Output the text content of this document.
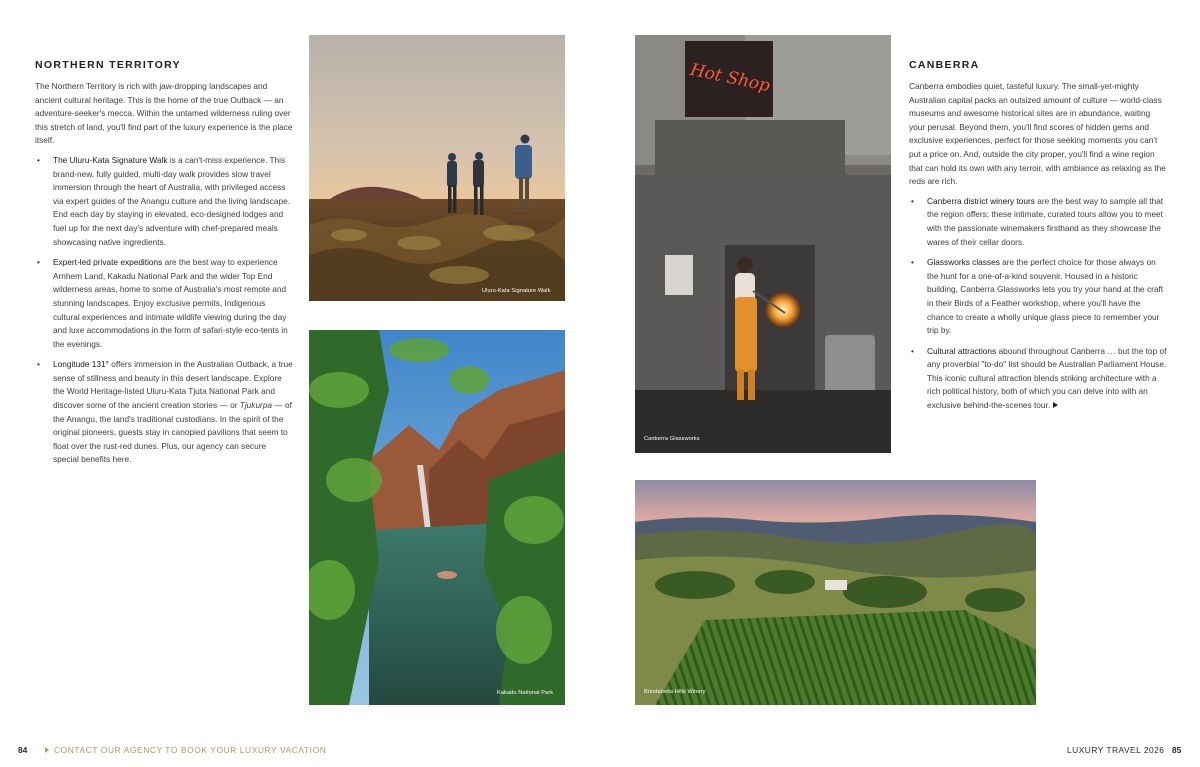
NORTHERN TERRITORY

The Northern Territory is rich with jaw-dropping landscapes and ancient cultural heritage. This is the home of the true Outback — an adventure-seeker's mecca. Within the untamed wilderness ruling over this stretch of land, you'll find part of the luxury experience is the place itself.

• The Uluru-Kata Signature Walk is a can't-miss experience. This brand-new, fully guided, multi-day walk provides slow travel immersion through the heart of Australia, with privileged access via expert guides of the Anangu culture and the living landscape. End each day by staying in elevated, eco-designed lodges and fuel up for the next day's adventure with chef-prepared meals showcasing native ingredients.
• Expert-led private expeditions are the best way to experience Arnhem Land, Kakadu National Park and the wider Top End wilderness areas, home to some of Australia's most remote and stunning landscapes. Enjoy exclusive permits, Indigenous cultural experiences and intimate wildlife viewing during the day and luxe accommodations in the form of safari-style eco-tents in the evenings.
• Longitude 131° offers immersion in the Australian Outback, a true sense of stillness and beauty in this desert landscape. Explore the World Heritage-listed Uluru-Kata Tjuta National Park and discover some of the ancient creation stories — or Tjukurpa — of the Anangu, the land's traditional custodians. In the spirit of the original pioneers, guests stay in canopied pavilions that seem to float over the rust-red dunes. Plus, our agency can secure special benefits here.
Uluru-Kata Signature Walk
Kakadu National Park
Hot Shop
Canberra Glassworks
Brindabella Hills Winery
CANBERRA

Canberra embodies quiet, tasteful luxury. The small-yet-mighty Australian capital packs an outsized amount of culture — world-class museums and awesome historical sites are in abundance, waiting your perusal. Beyond them, you'll find scores of hidden gems and exclusive experiences, perfect for those seeking moments you can't put a price on. And, outside the city proper, you'll find a wine region that can hold its own with any terroir, with ambiance as relaxing as the reds are rich.

• Canberra district winery tours are the best way to sample all that the region offers; these intimate, curated tours allow you to meet with the passionate winemakers firsthand as they showcase the wares of their cellar doors.
• Glassworks classes are the perfect choice for those always on the hunt for a one-of-a-kind souvenir. Housed in a historic building, Canberra Glassworks lets you try your hand at the craft in their Birds of a Feather workshop, where you'll have the chance to create a wholly unique glass piece to remember your trip by.
• Cultural attractions abound throughout Canberra … but the top of any proverbial "to-do" list should be Australian Parliament House. This iconic cultural attraction blends striking architecture with a rich political history, both of which you can delve into with an exclusive behind-the-scenes tour.
84	CONTACT OUR AGENCY TO BOOK YOUR LUXURY VACATION	LUXURY TRAVEL 2026 85
